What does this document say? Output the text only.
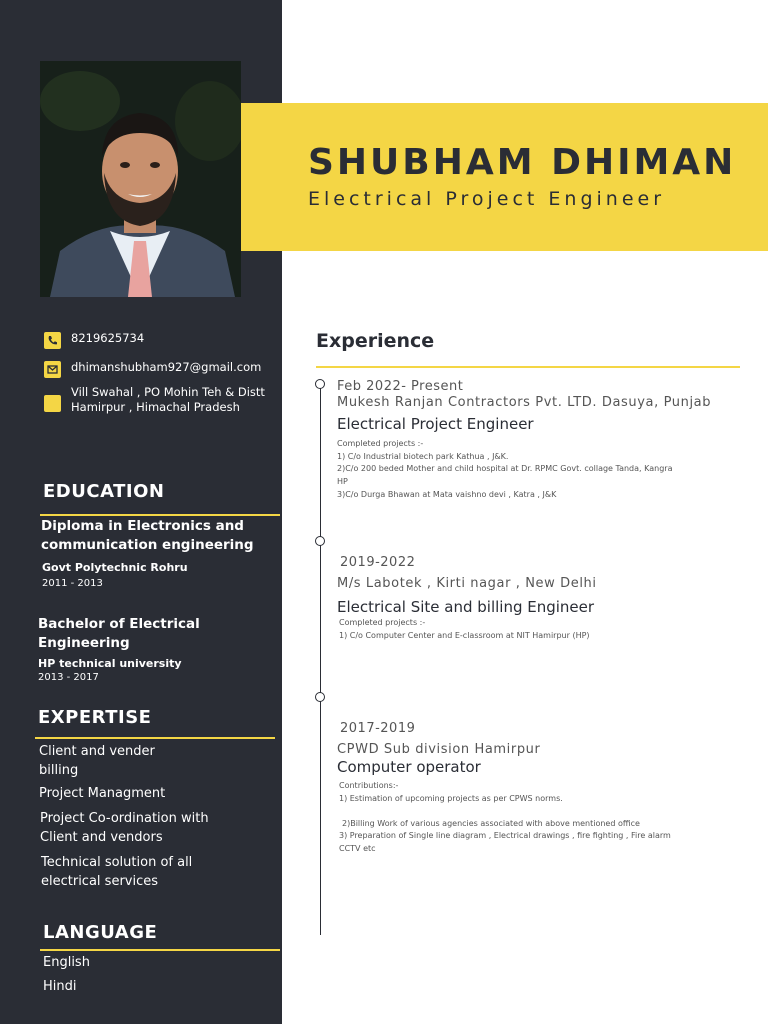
SHUBHAM DHIMAN
Electrical Project Engineer
8219625734
dhimanshubham927@gmail.com
Vill Swahal , PO Mohin Teh & Distt
Hamirpur , Himachal Pradesh
EDUCATION
Diploma in Electronics and
communication engineering
Govt Polytechnic Rohru
2011 - 2013
Bachelor of Electrical
Engineering
HP technical university
2013 - 2017
EXPERTISE
Client and vender
billing
Project Managment
Project Co-ordination with
Client and vendors
Technical solution of all
electrical services
LANGUAGE
English
Hindi
Experience
Feb 2022- Present
Mukesh Ranjan Contractors Pvt. LTD. Dasuya, Punjab
Electrical Project Engineer
Completed projects :-
1) C/o Industrial biotech park Kathua , J&K.
2)C/o 200 beded Mother and child hospital at Dr. RPMC Govt. collage Tanda, Kangra
HP
3)C/o Durga Bhawan at Mata vaishno devi , Katra , J&K
2019-2022
M/s Labotek , Kirti nagar , New Delhi
Electrical Site and billing Engineer
Completed projects :-
1) C/o Computer Center and E-classroom at NIT Hamirpur (HP)
2017-2019
CPWD Sub division Hamirpur
Computer operator
Contributions:-
1) Estimation of upcoming projects as per CPWS norms.
2)Billing Work of various agencies associated with above mentioned office
3) Preparation of Single line diagram , Electrical drawings , fire fighting , Fire alarm
CCTV etc
